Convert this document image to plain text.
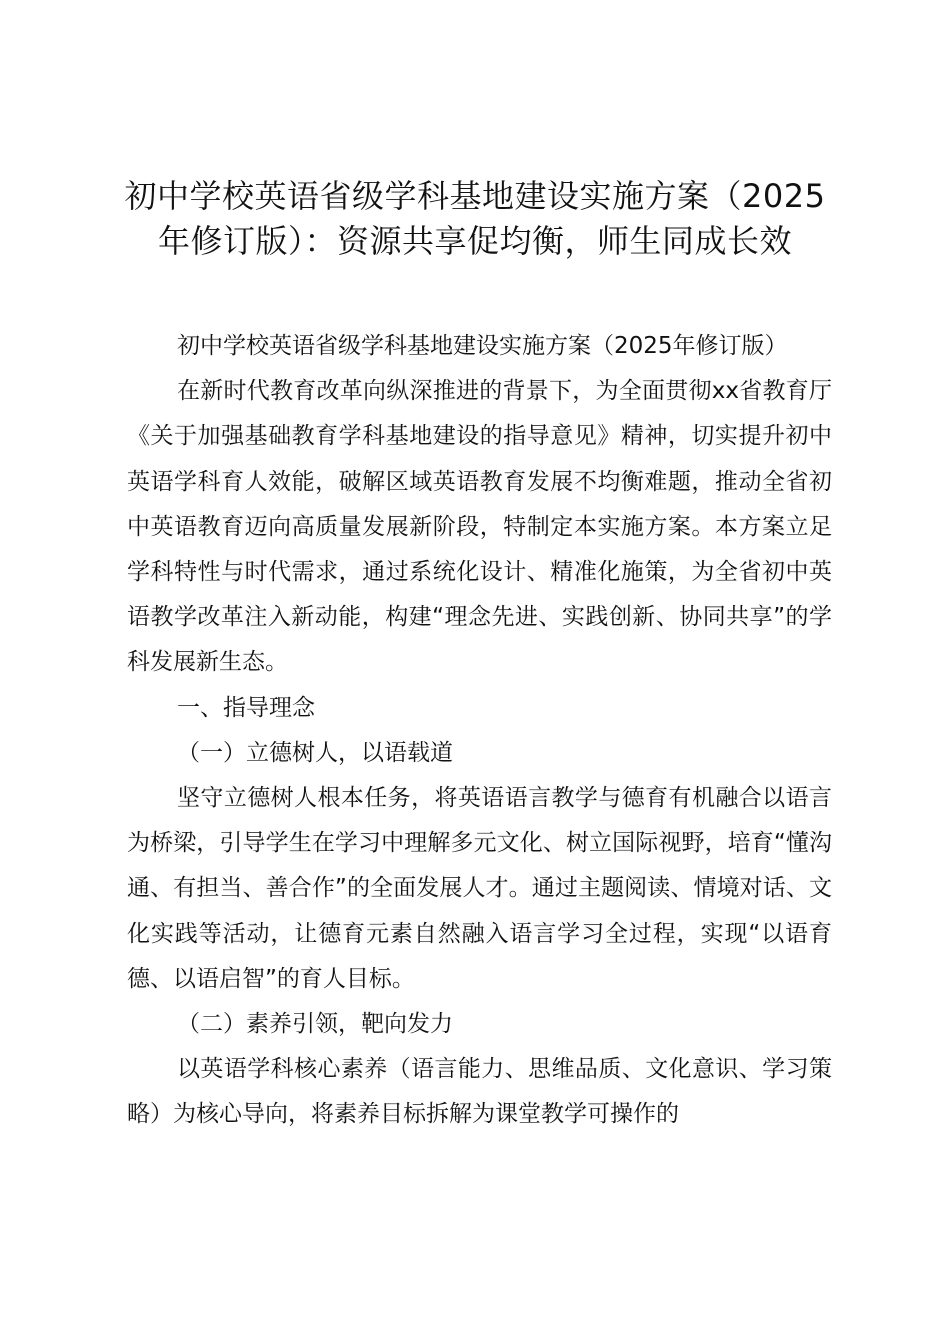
初中学校英语省级学科基地建设实施方案（2025年修订版）：资源共享促均衡，师生同成长效

初中学校英语省级学科基地建设实施方案（2025年修订版）

在新时代教育改革向纵深推进的背景下，为全面贯彻xx省教育厅《关于加强基础教育学科基地建设的指导意见》精神，切实提升初中英语学科育人效能，破解区域英语教育发展不均衡难题，推动全省初中英语教育迈向高质量发展新阶段，特制定本实施方案。本方案立足学科特性与时代需求，通过系统化设计、精准化施策，为全省初中英语教学改革注入新动能，构建“理念先进、实践创新、协同共享”的学科发展新生态。

一、指导理念

（一）立德树人，以语载道

坚守立德树人根本任务，将英语语言教学与德育有机融合以语言为桥梁，引导学生在学习中理解多元文化、树立国际视野，培育“懂沟通、有担当、善合作”的全面发展人才。通过主题阅读、情境对话、文化实践等活动，让德育元素自然融入语言学习全过程，实现“以语育德、以语启智”的育人目标。

（二）素养引领，靶向发力

以英语学科核心素养（语言能力、思维品质、文化意识、学习策略）为核心导向，将素养目标拆解为课堂教学可操作的
